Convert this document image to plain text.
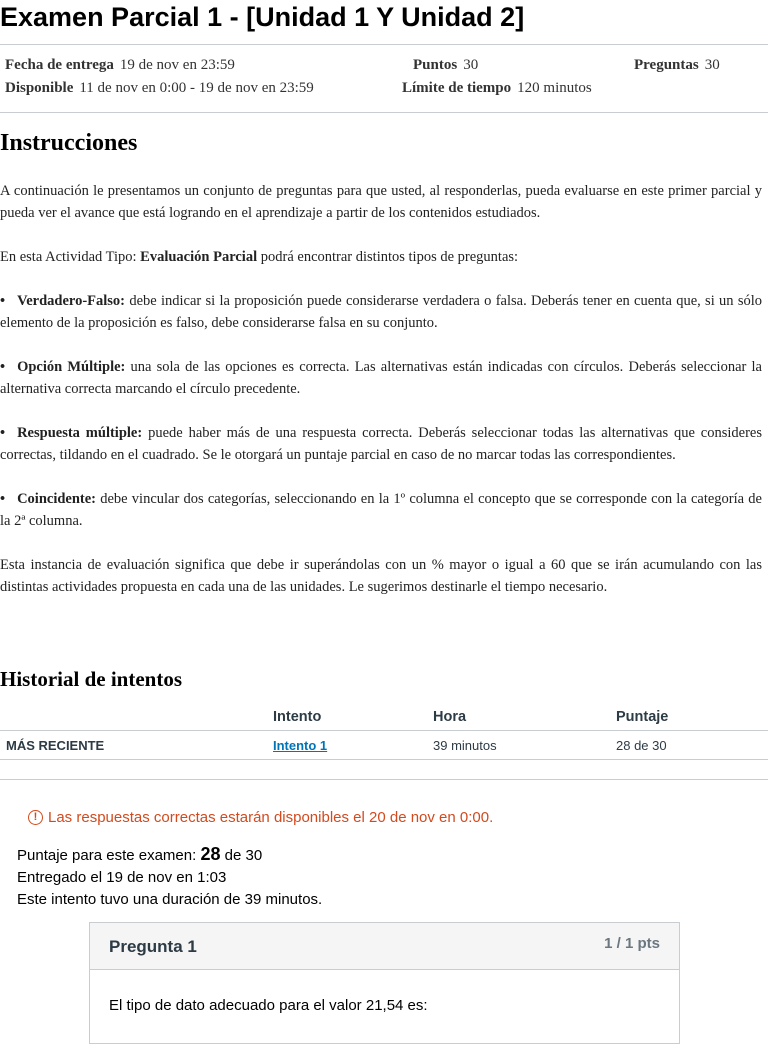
Examen Parcial 1 - [Unidad 1 Y Unidad 2]
Fecha de entrega 19 de nov en 23:59	Puntos 30	Preguntas 30
Disponible 11 de nov en 0:00 - 19 de nov en 23:59	Límite de tiempo 120 minutos
Instrucciones

A continuación le presentamos un conjunto de preguntas para que usted, al responderlas, pueda evaluarse en este primer parcial y pueda ver el avance que está logrando en el aprendizaje a partir de los contenidos estudiados.

En esta Actividad Tipo: Evaluación Parcial podrá encontrar distintos tipos de preguntas:

• Verdadero-Falso: debe indicar si la proposición puede considerarse verdadera o falsa. Deberás tener en cuenta que, si un sólo elemento de la proposición es falso, debe considerarse falsa en su conjunto.

• Opción Múltiple: una sola de las opciones es correcta. Las alternativas están indicadas con círculos. Deberás seleccionar la alternativa correcta marcando el círculo precedente.

• Respuesta múltiple: puede haber más de una respuesta correcta. Deberás seleccionar todas las alternativas que consideres correctas, tildando en el cuadrado. Se le otorgará un puntaje parcial en caso de no marcar todas las correspondientes.

• Coincidente: debe vincular dos categorías, seleccionando en la 1º columna el concepto que se corresponde con la categoría de la 2ª columna.

Esta instancia de evaluación significa que debe ir superándolas con un % mayor o igual a 60 que se irán acumulando con las distintas actividades propuesta en cada una de las unidades. Le sugerimos destinarle el tiempo necesario.

Historial de intentos
	Intento	Hora	Puntaje
MÁS RECIENTE	Intento 1	39 minutos	28 de 30
! Las respuestas correctas estarán disponibles el 20 de nov en 0:00.
Puntaje para este examen: 28 de 30
Entregado el 19 de nov en 1:03
Este intento tuvo una duración de 39 minutos.
Pregunta 1	1 / 1 pts
El tipo de dato adecuado para el valor 21,54 es:
